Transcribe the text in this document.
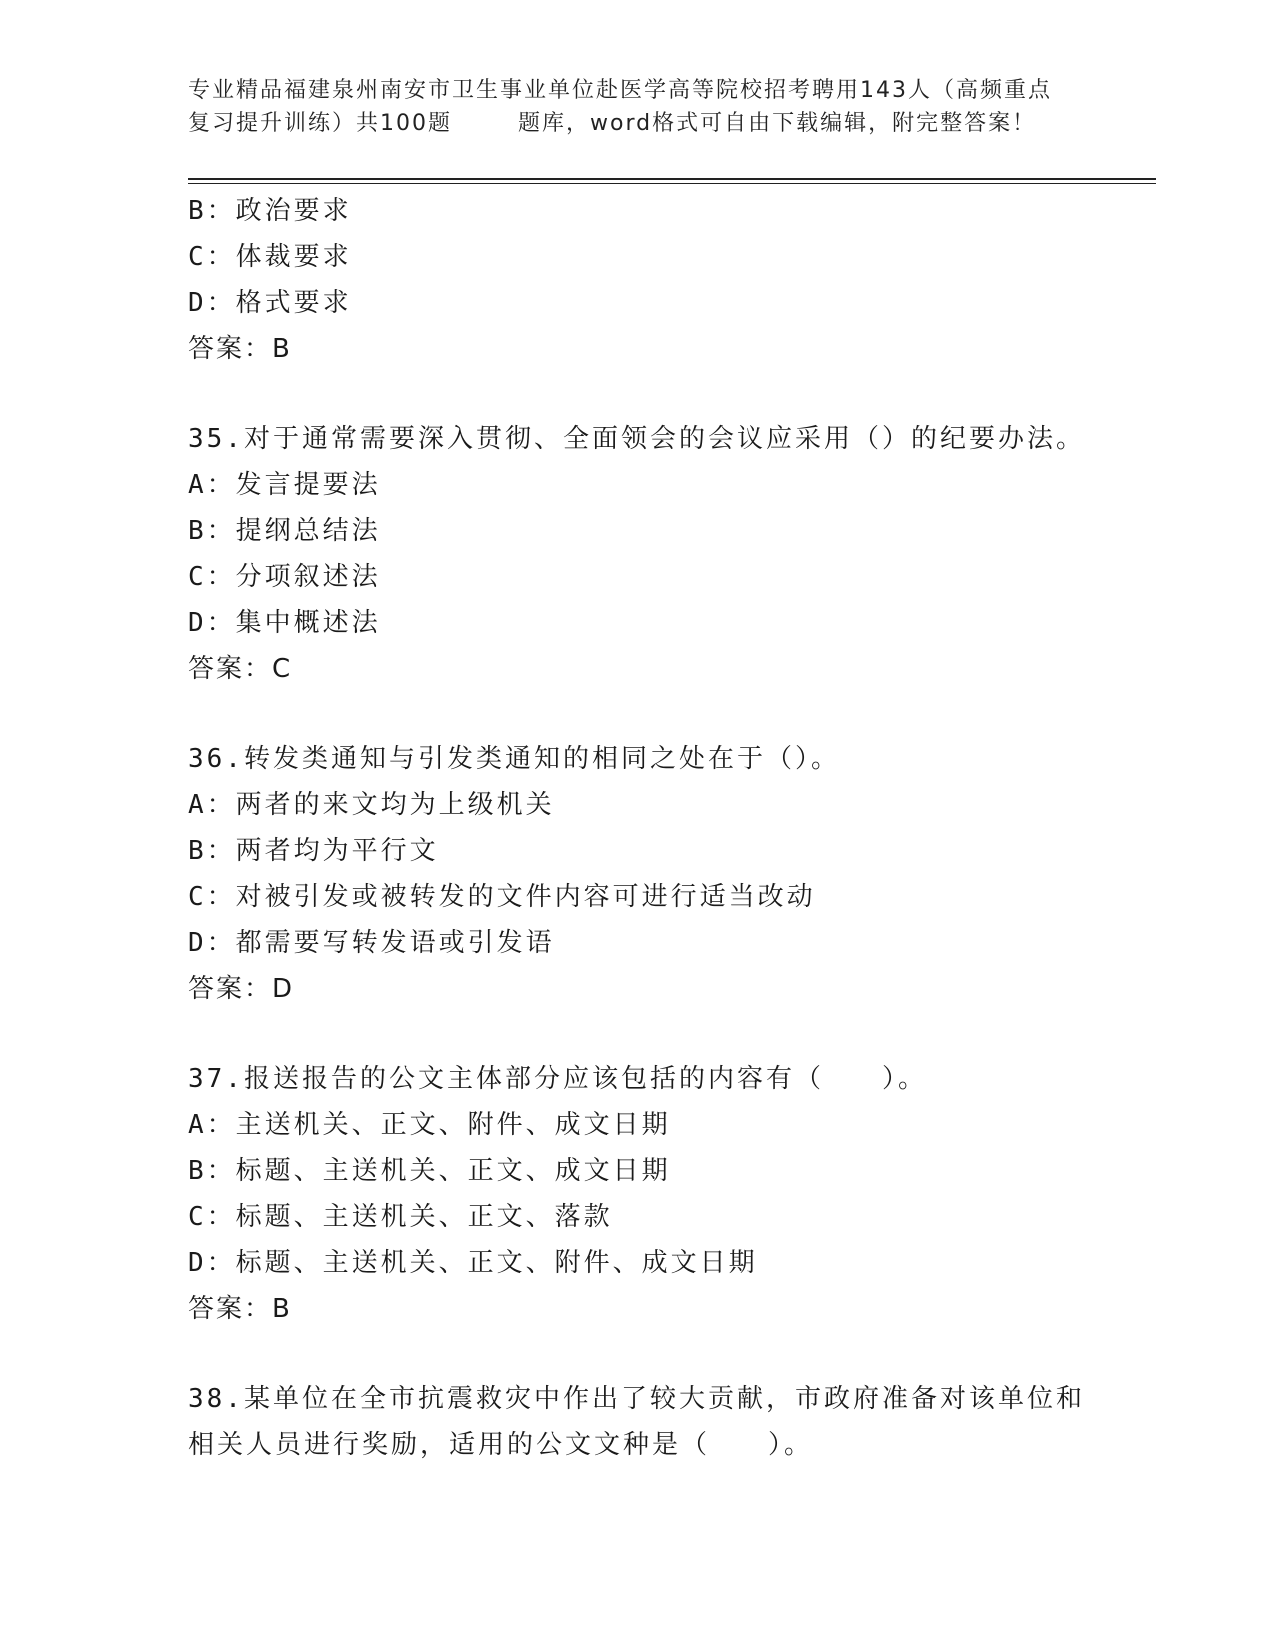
专业精品福建泉州南安市卫生事业单位赴医学高等院校招考聘用143人（高频重点
复习提升训练）共100题	题库，word格式可自由下载编辑，附完整答案！
B：政治要求
C：体裁要求
D：格式要求
答案：B
35.对于通常需要深入贯彻、全面领会的会议应采用（）的纪要办法。
A：发言提要法
B：提纲总结法
C：分项叙述法
D：集中概述法
答案：C
36.转发类通知与引发类通知的相同之处在于（）。
A：两者的来文均为上级机关
B：两者均为平行文
C：对被引发或被转发的文件内容可进行适当改动
D：都需要写转发语或引发语
答案：D
37.报送报告的公文主体部分应该包括的内容有（　　）。
A：主送机关、正文、附件、成文日期
B：标题、主送机关、正文、成文日期
C：标题、主送机关、正文、落款
D：标题、主送机关、正文、附件、成文日期
答案：B
38.某单位在全市抗震救灾中作出了较大贡献，市政府准备对该单位和
相关人员进行奖励，适用的公文文种是（　　）。
